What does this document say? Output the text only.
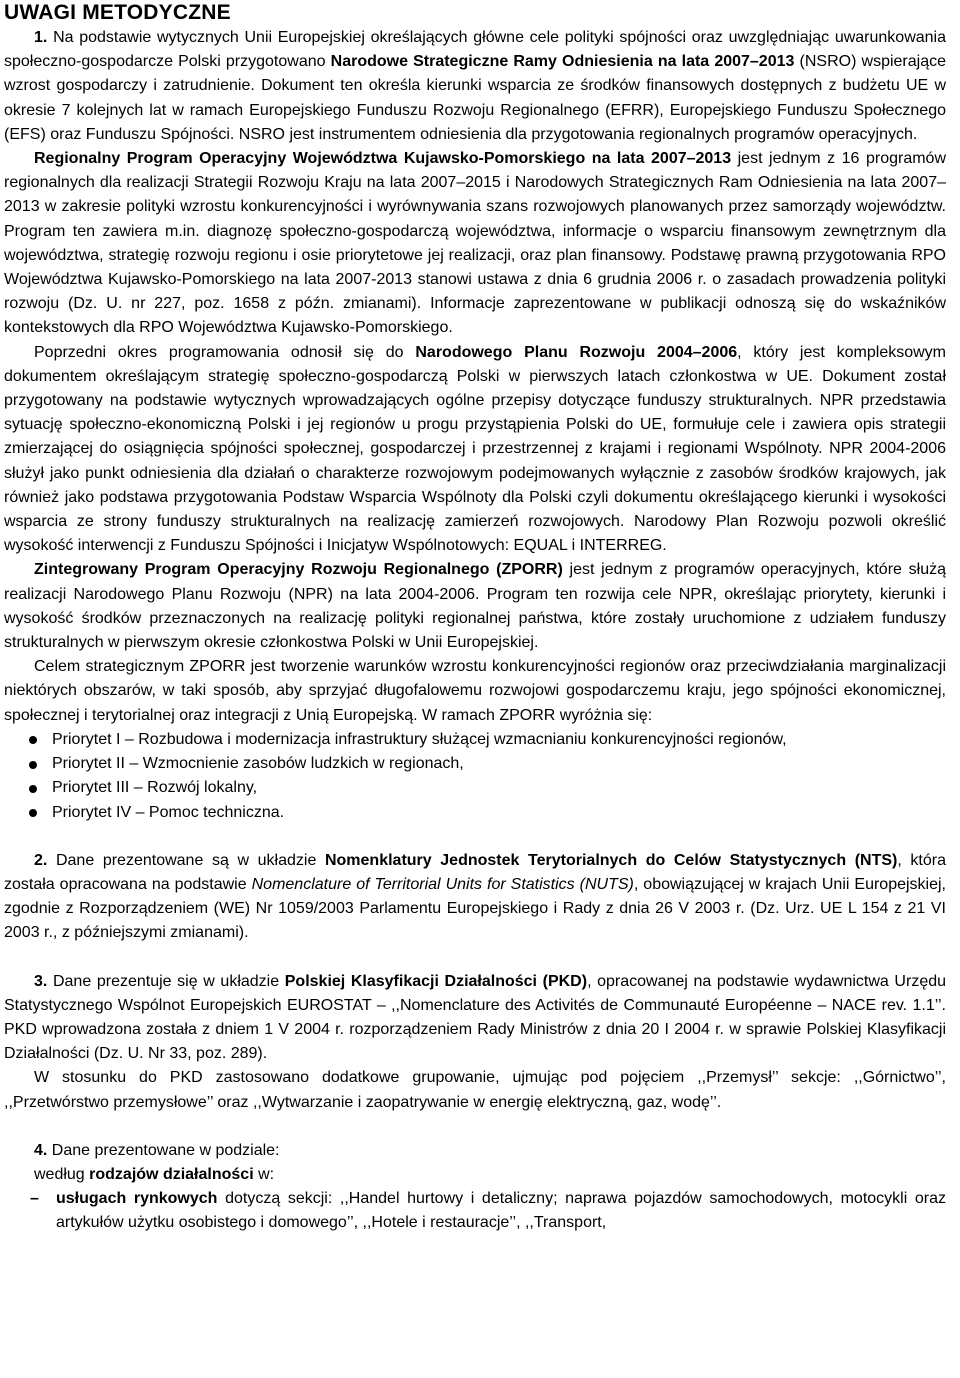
UWAGI METODYCZNE

1. Na podstawie wytycznych Unii Europejskiej określających główne cele polityki spójności oraz uwzględniając uwarunkowania społeczno-gospodarcze Polski przygotowano Narodowe Strategiczne Ramy Odniesienia na lata 2007–2013 (NSRO) wspierające wzrost gospodarczy i zatrudnienie. Dokument ten określa kierunki wsparcia ze środków finansowych dostępnych z budżetu UE w okresie 7 kolejnych lat w ramach Europejskiego Funduszu Rozwoju Regionalnego (EFRR), Europejskiego Funduszu Społecznego (EFS) oraz Funduszu Spójności. NSRO jest instrumentem odniesienia dla przygotowania regionalnych programów operacyjnych.

Regionalny Program Operacyjny Województwa Kujawsko-Pomorskiego na lata 2007–2013 jest jednym z 16 programów regionalnych dla realizacji Strategii Rozwoju Kraju na lata 2007–2015 i Narodowych Strategicznych Ram Odniesienia na lata 2007–2013 w zakresie polityki wzrostu konkurencyjności i wyrównywania szans rozwojowych planowanych przez samorządy województw. Program ten zawiera m.in. diagnozę społeczno-gospodarczą województwa, informacje o wsparciu finansowym zewnętrznym dla województwa, strategię rozwoju regionu i osie priorytetowe jej realizacji, oraz plan finansowy. Podstawę prawną przygotowania RPO Województwa Kujawsko-Pomorskiego na lata 2007-2013 stanowi ustawa z dnia 6 grudnia 2006 r. o zasadach prowadzenia polityki rozwoju (Dz. U. nr 227, poz. 1658 z późn. zmianami). Informacje zaprezentowane w publikacji odnoszą się do wskaźników kontekstowych dla RPO Województwa Kujawsko-Pomorskiego.

Poprzedni okres programowania odnosił się do Narodowego Planu Rozwoju 2004–2006, który jest kompleksowym dokumentem określającym strategię społeczno-gospodarczą Polski w pierwszych latach członkostwa w UE. Dokument został przygotowany na podstawie wytycznych wprowadzających ogólne przepisy dotyczące funduszy strukturalnych. NPR przedstawia sytuację społeczno-ekonomiczną Polski i jej regionów u progu przystąpienia Polski do UE, formułuje cele i zawiera opis strategii zmierzającej do osiągnięcia spójności społecznej, gospodarczej i przestrzennej z krajami i regionami Wspólnoty. NPR 2004-2006 służył jako punkt odniesienia dla działań o charakterze rozwojowym podejmowanych wyłącznie z zasobów środków krajowych, jak również jako podstawa przygotowania Podstaw Wsparcia Wspólnoty dla Polski czyli dokumentu określającego kierunki i wysokości wsparcia ze strony funduszy strukturalnych na realizację zamierzeń rozwojowych. Narodowy Plan Rozwoju pozwoli określić wysokość interwencji z Funduszu Spójności i Inicjatyw Wspólnotowych: EQUAL i INTERREG.

Zintegrowany Program Operacyjny Rozwoju Regionalnego (ZPORR) jest jednym z programów operacyjnych, które służą realizacji Narodowego Planu Rozwoju (NPR) na lata 2004-2006. Program ten rozwija cele NPR, określając priorytety, kierunki i wysokość środków przeznaczonych na realizację polityki regionalnej państwa, które zostały uruchomione z udziałem funduszy strukturalnych w pierwszym okresie członkostwa Polski w Unii Europejskiej.

Celem strategicznym ZPORR jest tworzenie warunków wzrostu konkurencyjności regionów oraz przeciwdziałania marginalizacji niektórych obszarów, w taki sposób, aby sprzyjać długofalowemu rozwojowi gospodarczemu kraju, jego spójności ekonomicznej, społecznej i terytorialnej oraz integracji z Unią Europejską. W ramach ZPORR wyróżnia się:

Priorytet I – Rozbudowa i modernizacja infrastruktury służącej wzmacnianiu konkurencyjności regionów,
Priorytet II – Wzmocnienie zasobów ludzkich w regionach,
Priorytet III – Rozwój lokalny,
Priorytet IV – Pomoc techniczna.

2. Dane prezentowane są w układzie Nomenklatury Jednostek Terytorialnych do Celów Statystycznych (NTS), która została opracowana na podstawie Nomenclature of Territorial Units for Statistics (NUTS), obowiązującej w krajach Unii Europejskiej, zgodnie z Rozporządzeniem (WE) Nr 1059/2003 Parlamentu Europejskiego i Rady z dnia 26 V 2003 r. (Dz. Urz. UE L 154 z 21 VI 2003 r., z późniejszymi zmianami).

3. Dane prezentuje się w układzie Polskiej Klasyfikacji Działalności (PKD), opracowanej na podstawie wydawnictwa Urzędu Statystycznego Wspólnot Europejskich EUROSTAT – ,,Nomenclature des Activités de Communauté Européenne – NACE rev. 1.1’’. PKD wprowadzona została z dniem 1 V 2004 r. rozporządzeniem Rady Ministrów z dnia 20 I 2004 r. w sprawie Polskiej Klasyfikacji Działalności (Dz. U. Nr 33, poz. 289).

W stosunku do PKD zastosowano dodatkowe grupowanie, ujmując pod pojęciem ,,Przemysł’’ sekcje: ,,Górnictwo’’, ,,Przetwórstwo przemysłowe’’ oraz ,,Wytwarzanie i zaopatrywanie w energię elektryczną, gaz, wodę’’.

4. Dane prezentowane w podziale:

według rodzajów działalności w:

– usługach rynkowych dotyczą sekcji: ,,Handel hurtowy i detaliczny; naprawa pojazdów samochodowych, motocykli oraz artykułów użytku osobistego i domowego’’, ,,Hotele i restauracje’’, ,,Transport,
